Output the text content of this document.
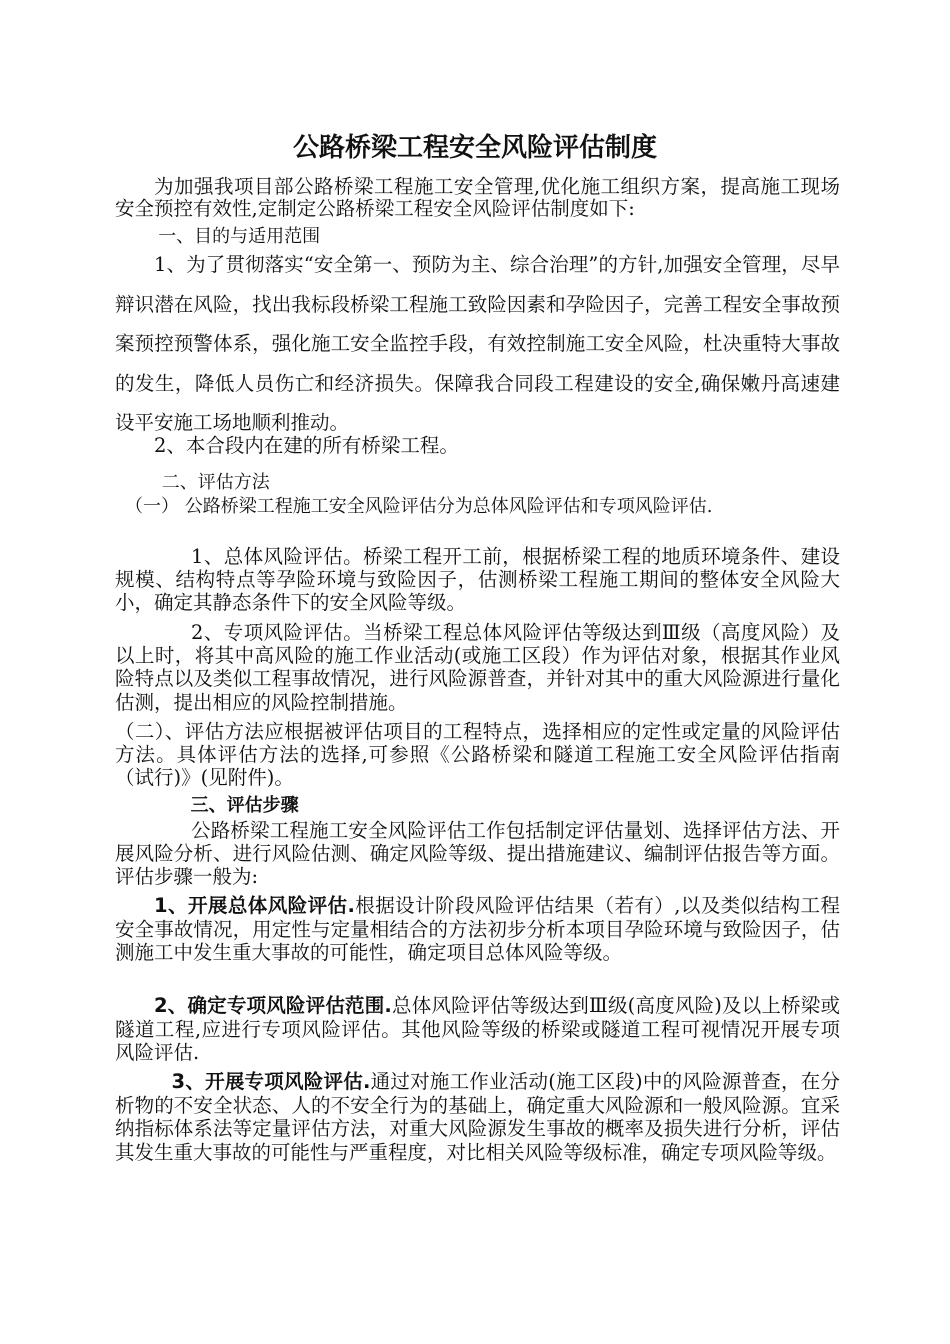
公路桥梁工程安全风险评估制度

为加强我项目部公路桥梁工程施工安全管理,优化施工组织方案，提高施工现场安全预控有效性,定制定公路桥梁工程安全风险评估制度如下:

一、目的与适用范围

1、为了贯彻落实“安全第一、预防为主、综合治理”的方针,加强安全管理，尽早辩识潜在风险，找出我标段桥梁工程施工致险因素和孕险因子，完善工程安全事故预案预控预警体系，强化施工安全监控手段，有效控制施工安全风险，杜决重特大事故的发生，降低人员伤亡和经济损失。保障我合同段工程建设的安全,确保嫩丹高速建设平安施工场地顺利推动。

2、本合段内在建的所有桥梁工程。

二、评估方法

（一） 公路桥梁工程施工安全风险评估分为总体风险评估和专项风险评估.

1、总体风险评估。桥梁工程开工前，根据桥梁工程的地质环境条件、建设规模、结构特点等孕险环境与致险因子，估测桥梁工程施工期间的整体安全风险大小，确定其静态条件下的安全风险等级。

2、专项风险评估。当桥梁工程总体风险评估等级达到Ⅲ级（高度风险）及以上时，将其中高风险的施工作业活动(或施工区段）作为评估对象，根据其作业风险特点以及类似工程事故情况，进行风险源普查，并针对其中的重大风险源进行量化估测，提出相应的风险控制措施。

（二）、评估方法应根据被评估项目的工程特点，选择相应的定性或定量的风险评估方法。具体评估方法的选择,可参照《公路桥梁和隧道工程施工安全风险评估指南（试行)》(见附件)。

三、评估步骤

公路桥梁工程施工安全风险评估工作包括制定评估量划、选择评估方法、开展风险分析、进行风险估测、确定风险等级、提出措施建议、编制评估报告等方面。评估步骤一般为:

1、开展总体风险评估.根据设计阶段风险评估结果（若有）,以及类似结构工程安全事故情况，用定性与定量相结合的方法初步分析本项目孕险环境与致险因子，估测施工中发生重大事故的可能性，确定项目总体风险等级。

2、确定专项风险评估范围.总体风险评估等级达到Ⅲ级(高度风险)及以上桥梁或隧道工程,应进行专项风险评估。其他风险等级的桥梁或隧道工程可视情况开展专项风险评估.

3、开展专项风险评估.通过对施工作业活动(施工区段)中的风险源普查，在分析物的不安全状态、人的不安全行为的基础上，确定重大风险源和一般风险源。宜采纳指标体系法等定量评估方法，对重大风险源发生事故的概率及损失进行分析，评估其发生重大事故的可能性与严重程度，对比相关风险等级标准，确定专项风险等级。
